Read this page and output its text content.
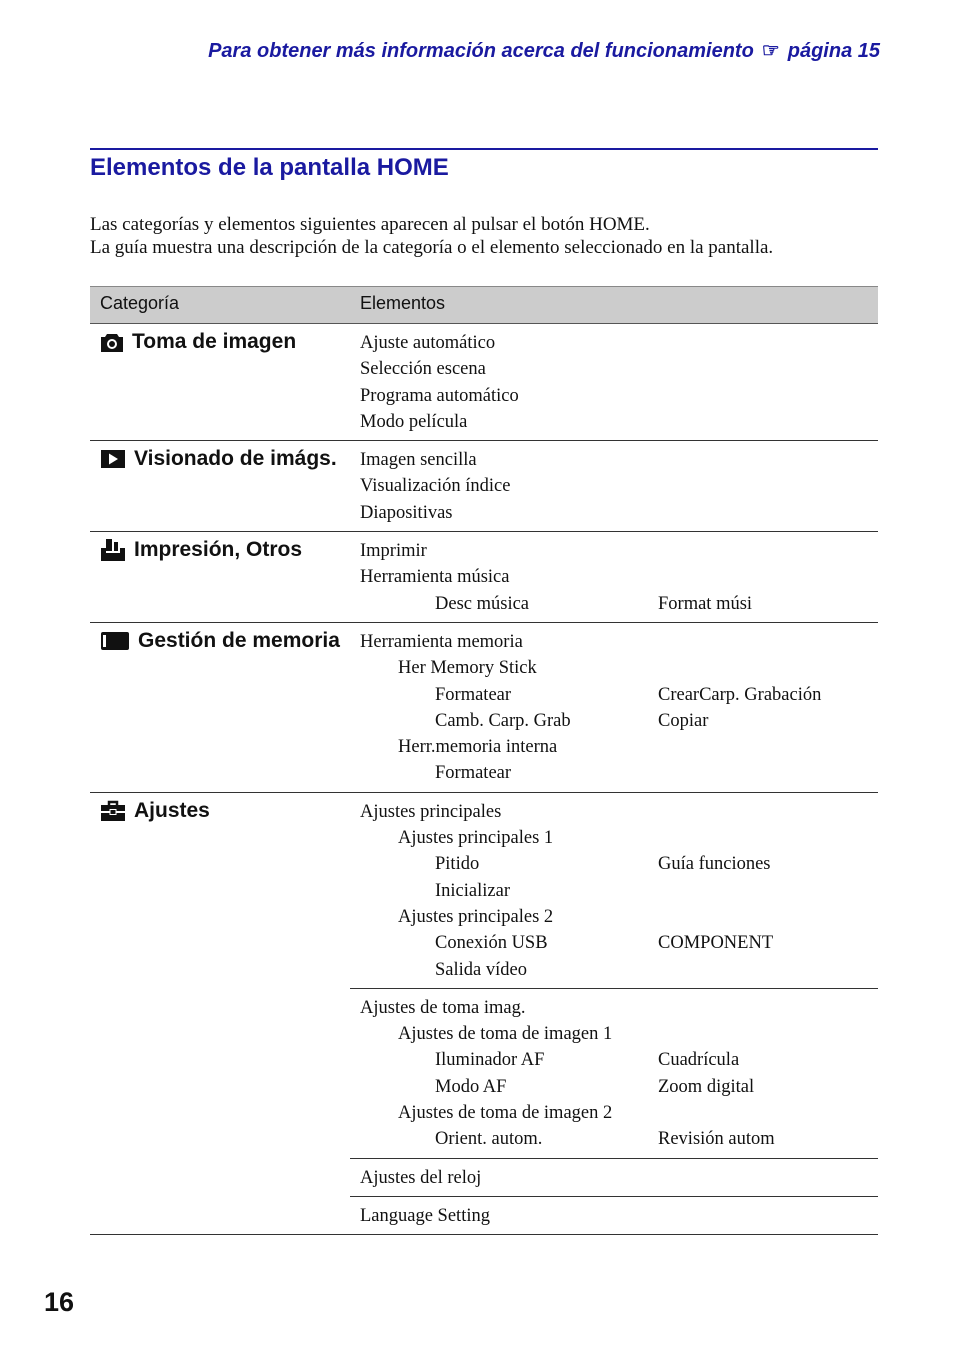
Para obtener más información acerca del funcionamiento ☞ página 15
Elementos de la pantalla HOME
Las categorías y elementos siguientes aparecen al pulsar el botón HOME.
La guía muestra una descripción de la categoría o el elemento seleccionado en la pantalla.
Categoría	Elementos
Toma de imagen	Ajuste automático
Selección escena
Programa automático
Modo película
Visionado de imágs.	Imagen sencilla
Visualización índice
Diapositivas
Impresión, Otros	Imprimir
Herramienta música
Desc música	Format músi
Gestión de memoria	Herramienta memoria
Her Memory Stick
Formatear	CrearCarp. Grabación
Camb. Carp. Grab	Copiar
Herr.memoria interna
Formatear
Ajustes	Ajustes principales
Ajustes principales 1
Pitido	Guía funciones
Inicializar
Ajustes principales 2
Conexión USB	COMPONENT
Salida vídeo
Ajustes de toma imag.
Ajustes de toma de imagen 1
Iluminador AF	Cuadrícula
Modo AF	Zoom digital
Ajustes de toma de imagen 2
Orient. autom.	Revisión autom
Ajustes del reloj
Language Setting
16
